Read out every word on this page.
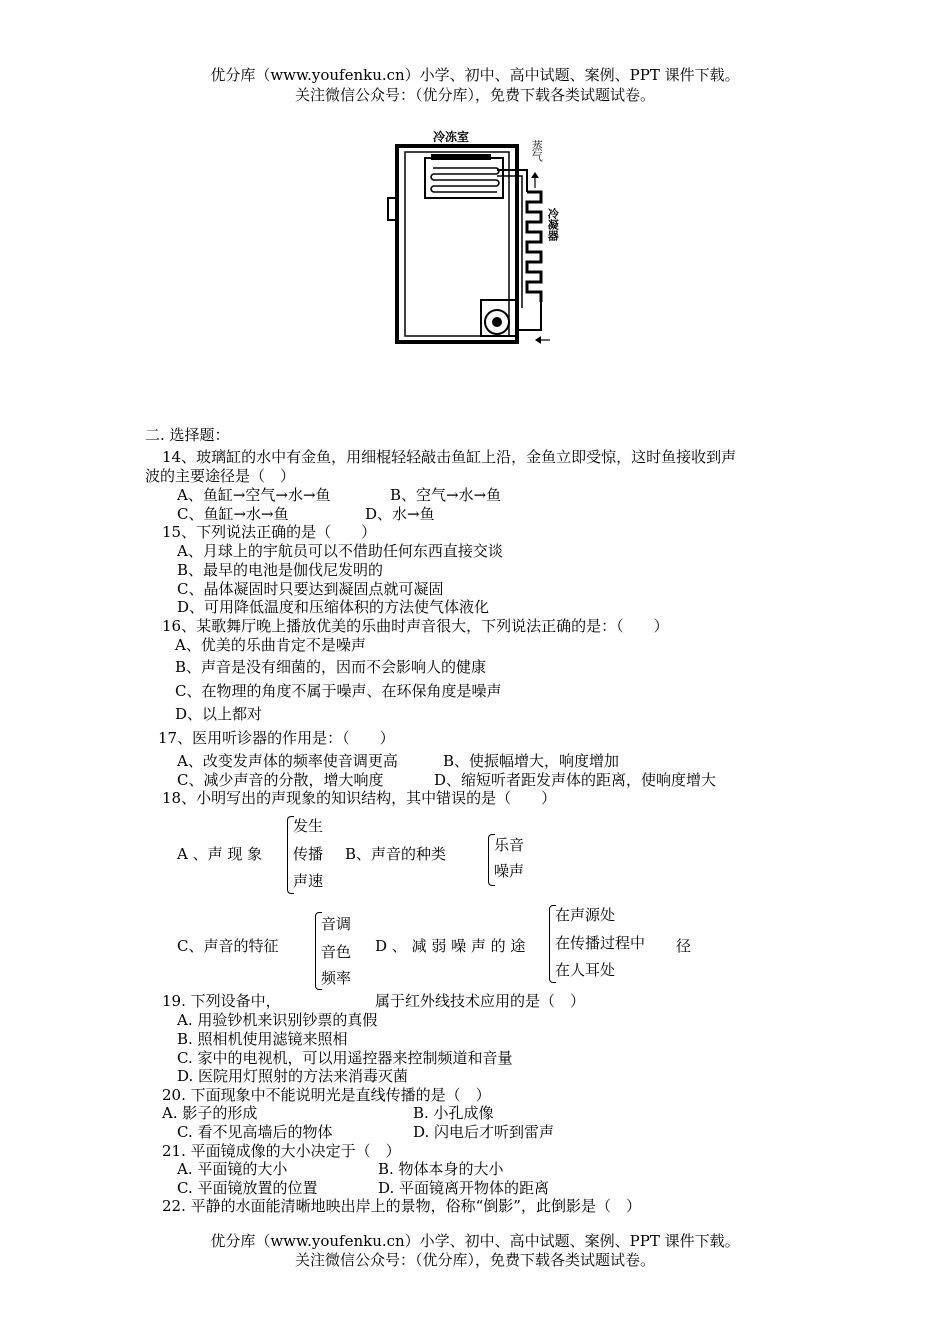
优分库（www.youfenku.cn）小学、初中、高中试题、案例、PPT 课件下载。
关注微信公众号：（优分库），免费下载各类试题试卷。
冷冻室
蒸气
冷凝器
二. 选择题：
14、玻璃缸的水中有金鱼，用细棍轻轻敲击鱼缸上沿，金鱼立即受惊，这时鱼接收到声
波的主要途径是（　）
A、鱼缸→空气→水→鱼	B、空气→水→鱼
C、鱼缸→水→鱼	D、水→鱼
15、下列说法正确的是（　　）
A、月球上的宇航员可以不借助任何东西直接交谈
B、最早的电池是伽伐尼发明的
C、晶体凝固时只要达到凝固点就可凝固
D、可用降低温度和压缩体积的方法使气体液化
16、某歌舞厅晚上播放优美的乐曲时声音很大，下列说法正确的是：（　　）
A、优美的乐曲肯定不是噪声
B、声音是没有细菌的，因而不会影响人的健康
C、在物理的角度不属于噪声、在环保角度是噪声
D、以上都对
17、医用听诊器的作用是：（　　）
A、改变发声体的频率使音调更高	B、使振幅增大，响度增加
C、减少声音的分散，增大响度	D、缩短听者距发声体的距离，使响度增大
18、小明写出的声现象的知识结构，其中错误的是（　　）
A 、声 现 象
发生
传播
声速
B、声音的种类	乐音
噪声
C、声音的特征
音调
音色
频率
D 、 减 弱 噪 声 的 途
在声源处
在传播过程中
在人耳处
径
19. 下列设备中，	属于红外线技术应用的是（　）
A. 用验钞机来识别钞票的真假
B. 照相机使用滤镜来照相
C. 家中的电视机，可以用遥控器来控制频道和音量
D. 医院用灯照射的方法来消毒灭菌
20. 下面现象中不能说明光是直线传播的是（　）
A. 影子的形成	B. 小孔成像
C. 看不见高墙后的物体	D. 闪电后才听到雷声
21. 平面镜成像的大小决定于（　）
A. 平面镜的大小	B. 物体本身的大小
C. 平面镜放置的位置	D. 平面镜离开物体的距离
22. 平静的水面能清晰地映出岸上的景物，俗称“倒影”，此倒影是（　）
优分库（www.youfenku.cn）小学、初中、高中试题、案例、PPT 课件下载。
关注微信公众号：（优分库），免费下载各类试题试卷。
